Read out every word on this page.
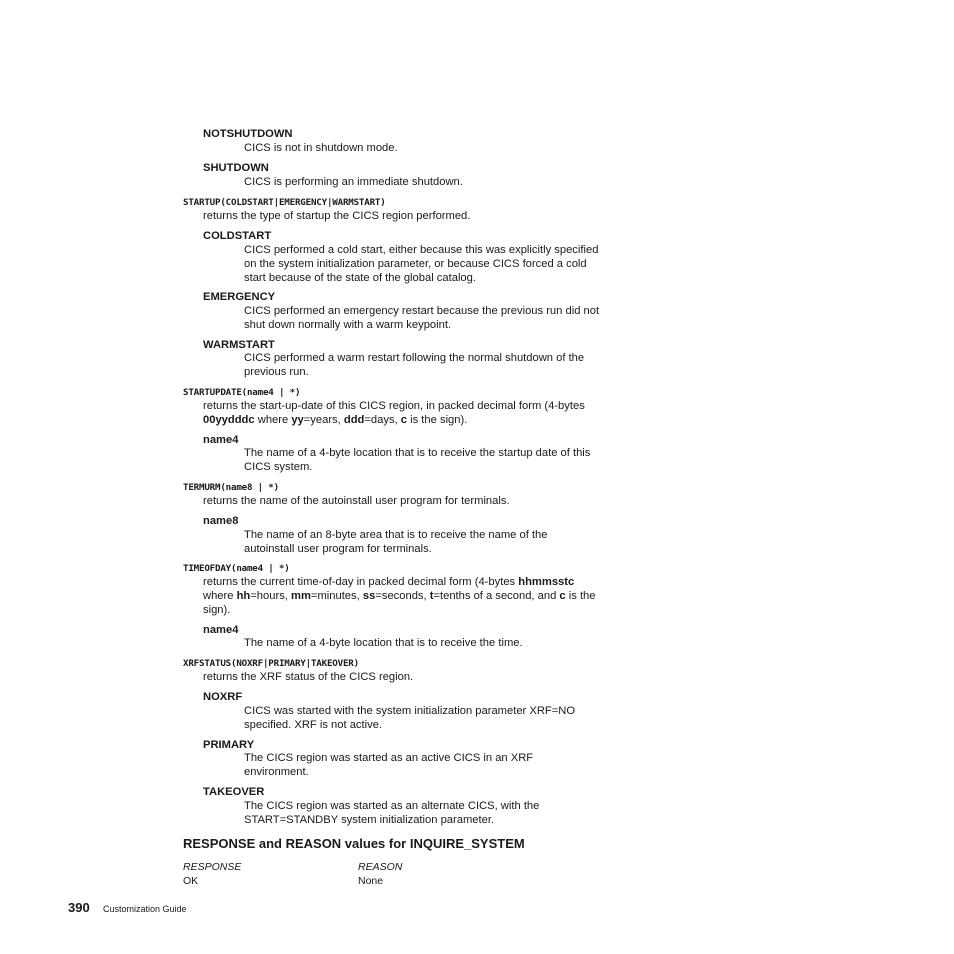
NOTSHUTDOWN
CICS is not in shutdown mode.
SHUTDOWN
CICS is performing an immediate shutdown.
STARTUP(COLDSTART|EMERGENCY|WARMSTART)
returns the type of startup the CICS region performed.
COLDSTART
CICS performed a cold start, either because this was explicitly specified
on the system initialization parameter, or because CICS forced a cold
start because of the state of the global catalog.
EMERGENCY
CICS performed an emergency restart because the previous run did not
shut down normally with a warm keypoint.
WARMSTART
CICS performed a warm restart following the normal shutdown of the
previous run.
STARTUPDATE(name4 | *)
returns the start-up-date of this CICS region, in packed decimal form (4-bytes
00yydddc where yy=years, ddd=days, c is the sign).
name4
The name of a 4-byte location that is to receive the startup date of this
CICS system.
TERMURM(name8 | *)
returns the name of the autoinstall user program for terminals.
name8
The name of an 8-byte area that is to receive the name of the
autoinstall user program for terminals.
TIMEOFDAY(name4 | *)
returns the current time-of-day in packed decimal form (4-bytes hhmmsstc
where hh=hours, mm=minutes, ss=seconds, t=tenths of a second, and c is the
sign).
name4
The name of a 4-byte location that is to receive the time.
XRFSTATUS(NOXRF|PRIMARY|TAKEOVER)
returns the XRF status of the CICS region.
NOXRF
CICS was started with the system initialization parameter XRF=NO
specified. XRF is not active.
PRIMARY
The CICS region was started as an active CICS in an XRF
environment.
TAKEOVER
The CICS region was started as an alternate CICS, with the
START=STANDBY system initialization parameter.
RESPONSE and REASON values for INQUIRE_SYSTEM
RESPONSE	REASON
OK	None
390 Customization Guide
